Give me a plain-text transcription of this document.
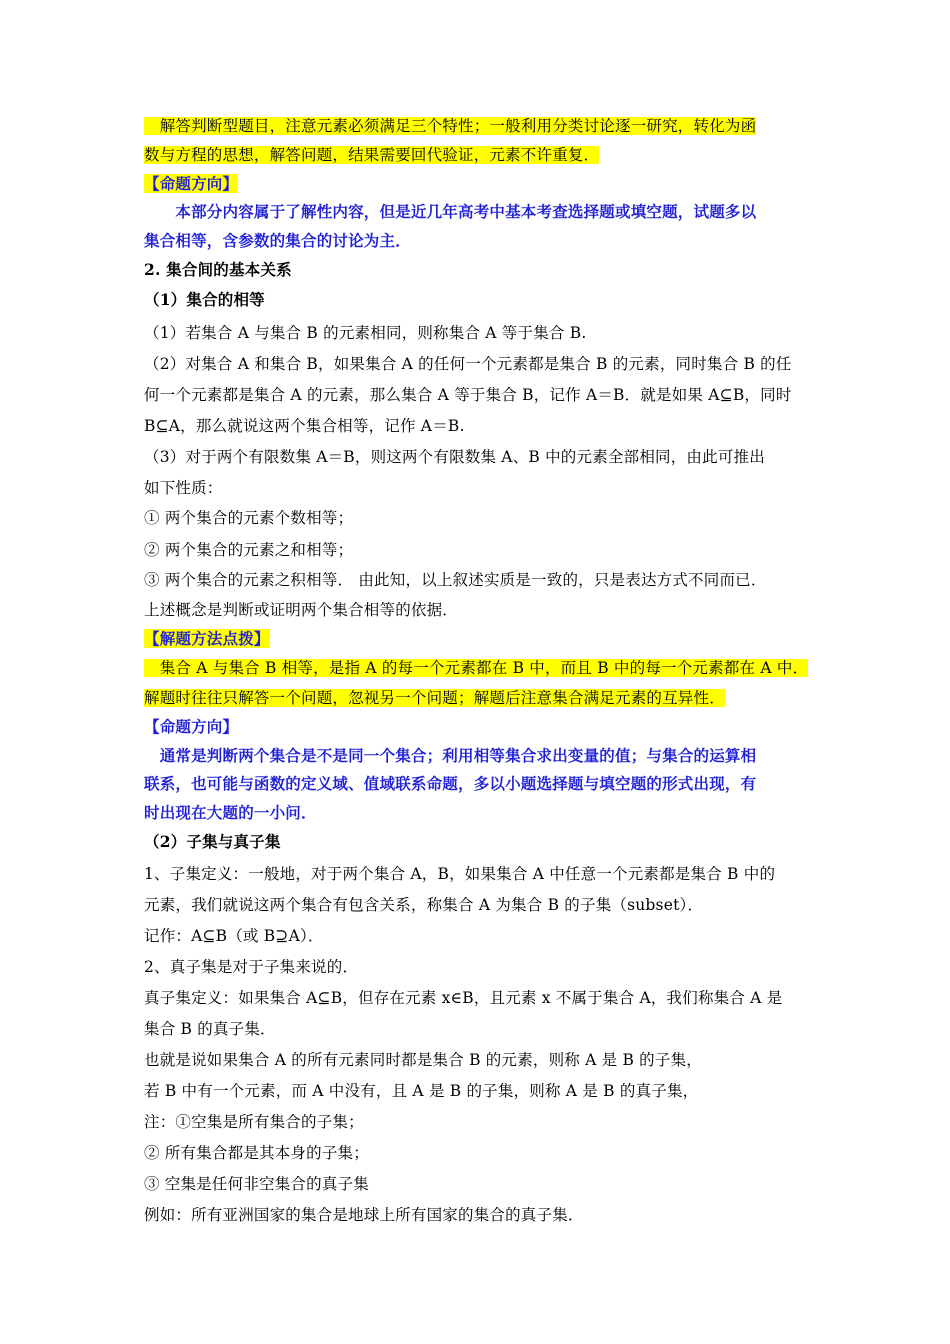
　解答判断型题目，注意元素必须满足三个特性；一般利用分类讨论逐一研究，转化为函
数与方程的思想，解答问题，结果需要回代验证，元素不许重复．
【命题方向】
　　本部分内容属于了解性内容，但是近几年高考中基本考查选择题或填空题，试题多以
集合相等，含参数的集合的讨论为主．
2. 集合间的基本关系
（1）集合的相等
（1）若集合 A 与集合 B 的元素相同，则称集合 A 等于集合 B.
（2）对集合 A 和集合 B，如果集合 A 的任何一个元素都是集合 B 的元素，同时集合 B 的任
何一个元素都是集合 A 的元素，那么集合 A 等于集合 B，记作 A＝B．就是如果 A⊆B，同时
B⊆A，那么就说这两个集合相等，记作 A＝B.
（3）对于两个有限数集 A＝B，则这两个有限数集 A、B 中的元素全部相同，由此可推出
如下性质：
① 两个集合的元素个数相等；
② 两个集合的元素之和相等；
③ 两个集合的元素之积相等． 由此知，以上叙述实质是一致的，只是表达方式不同而已．
上述概念是判断或证明两个集合相等的依据．
【解题方法点拨】
　集合 A 与集合 B 相等，是指 A 的每一个元素都在 B 中，而且 B 中的每一个元素都在 A 中．
解题时往往只解答一个问题，忽视另一个问题；解题后注意集合满足元素的互异性．
【命题方向】
　通常是判断两个集合是不是同一个集合；利用相等集合求出变量的值；与集合的运算相
联系，也可能与函数的定义域、值域联系命题，多以小题选择题与填空题的形式出现，有
时出现在大题的一小问．
（2）子集与真子集
1、子集定义：一般地，对于两个集合 A，B，如果集合 A 中任意一个元素都是集合 B 中的
元素，我们就说这两个集合有包含关系，称集合 A 为集合 B 的子集（subset）．
记作：A⊆B（或 B⊇A）．
2、真子集是对于子集来说的．
真子集定义：如果集合 A⊆B，但存在元素 x∈B，且元素 x 不属于集合 A，我们称集合 A 是
集合 B 的真子集．
也就是说如果集合 A 的所有元素同时都是集合 B 的元素，则称 A 是 B 的子集，
若 B 中有一个元素，而 A 中没有，且 A 是 B 的子集，则称 A 是 B 的真子集，
注：①空集是所有集合的子集；
② 所有集合都是其本身的子集；
③ 空集是任何非空集合的真子集
例如：所有亚洲国家的集合是地球上所有国家的集合的真子集．
